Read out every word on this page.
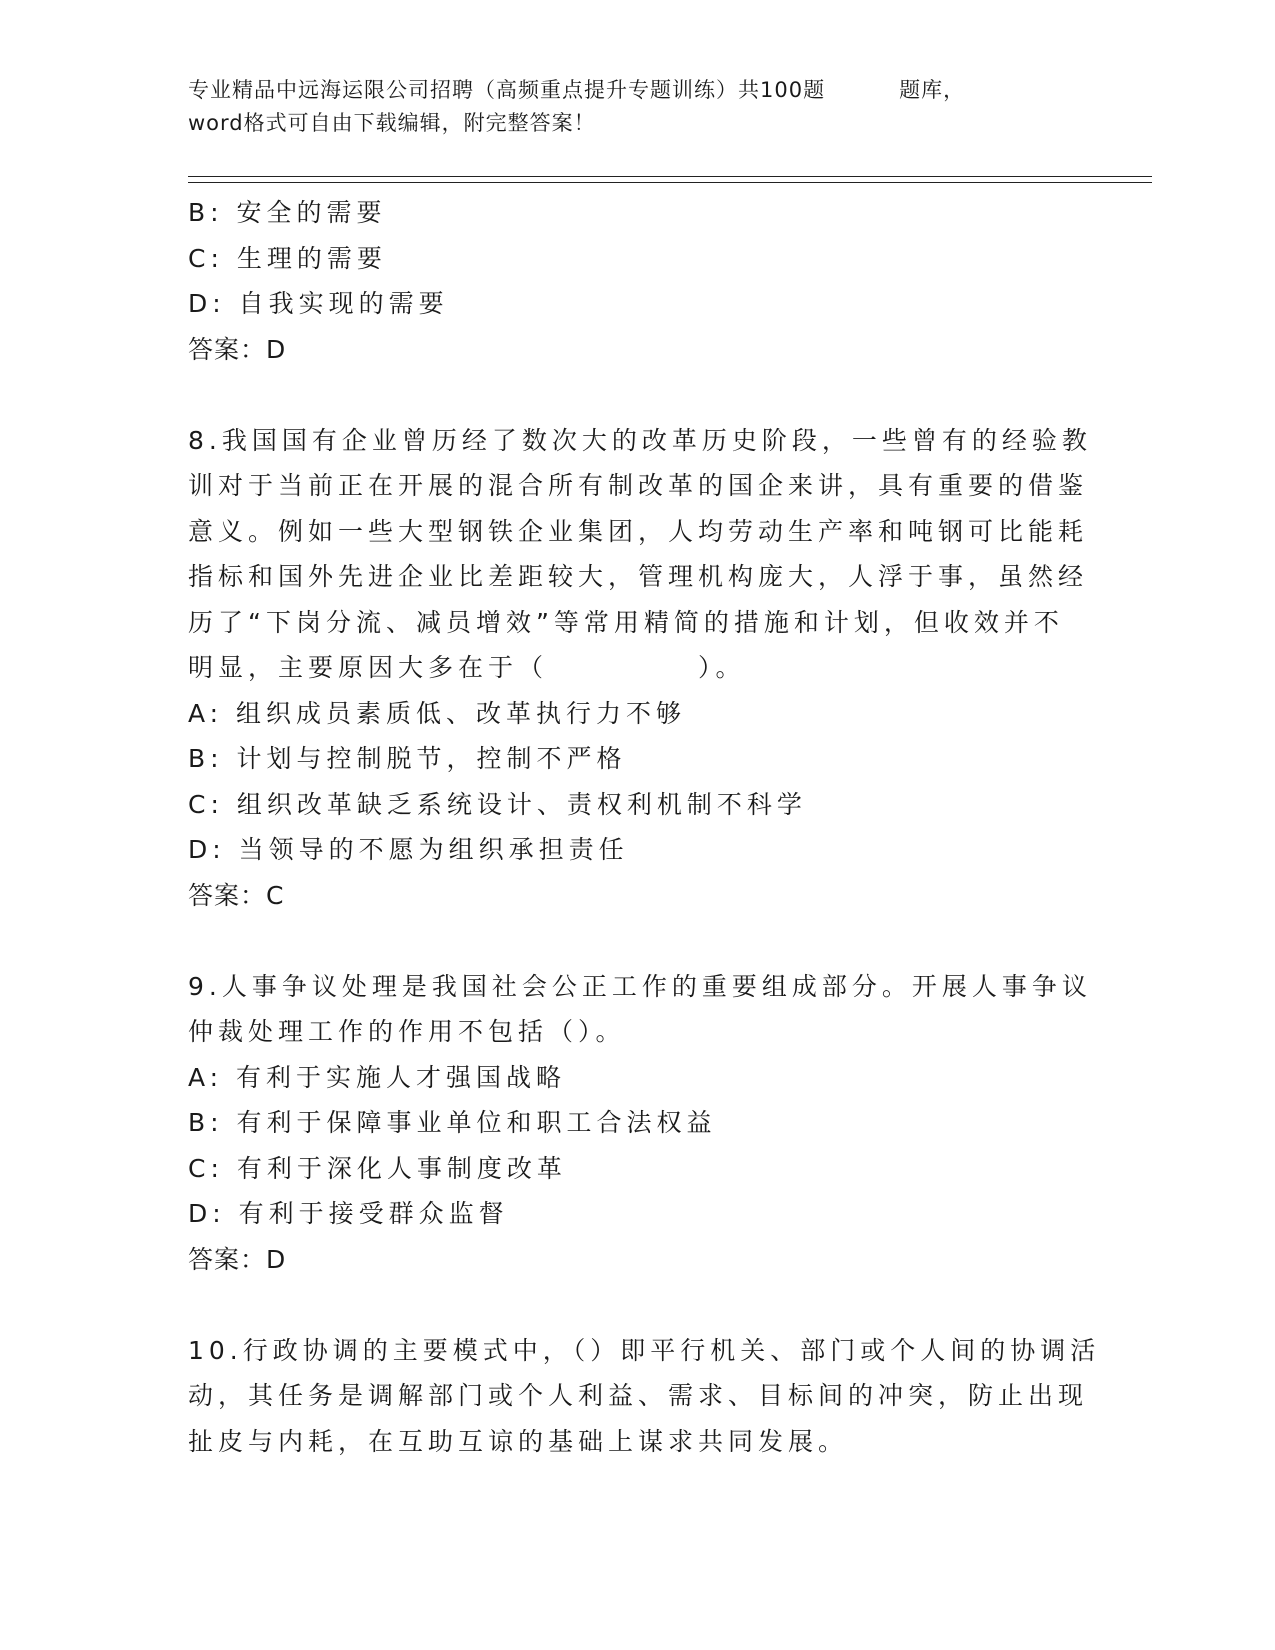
专业精品中远海运限公司招聘（高频重点提升专题训练）共100题	题库，
word格式可自由下载编辑，附完整答案！
B: 安全的需要
C: 生理的需要
D: 自我实现的需要
答案：D
8.我国国有企业曾历经了数次大的改革历史阶段，一些曾有的经验教
训对于当前正在开展的混合所有制改革的国企来讲，具有重要的借鉴
意义。例如一些大型钢铁企业集团，人均劳动生产率和吨钢可比能耗
指标和国外先进企业比差距较大，管理机构庞大，人浮于事，虽然经
历了“下岗分流、减员增效”等常用精简的措施和计划，但收效并不
明显，主要原因大多在于（　　　　　）。
A: 组织成员素质低、改革执行力不够
B: 计划与控制脱节，控制不严格
C: 组织改革缺乏系统设计、责权利机制不科学
D: 当领导的不愿为组织承担责任
答案：C
9.人事争议处理是我国社会公正工作的重要组成部分。开展人事争议
仲裁处理工作的作用不包括（）。
A: 有利于实施人才强国战略
B: 有利于保障事业单位和职工合法权益
C: 有利于深化人事制度改革
D: 有利于接受群众监督
答案：D
10.行政协调的主要模式中，（）即平行机关、部门或个人间的协调活
动，其任务是调解部门或个人利益、需求、目标间的冲突，防止出现
扯皮与内耗，在互助互谅的基础上谋求共同发展。
